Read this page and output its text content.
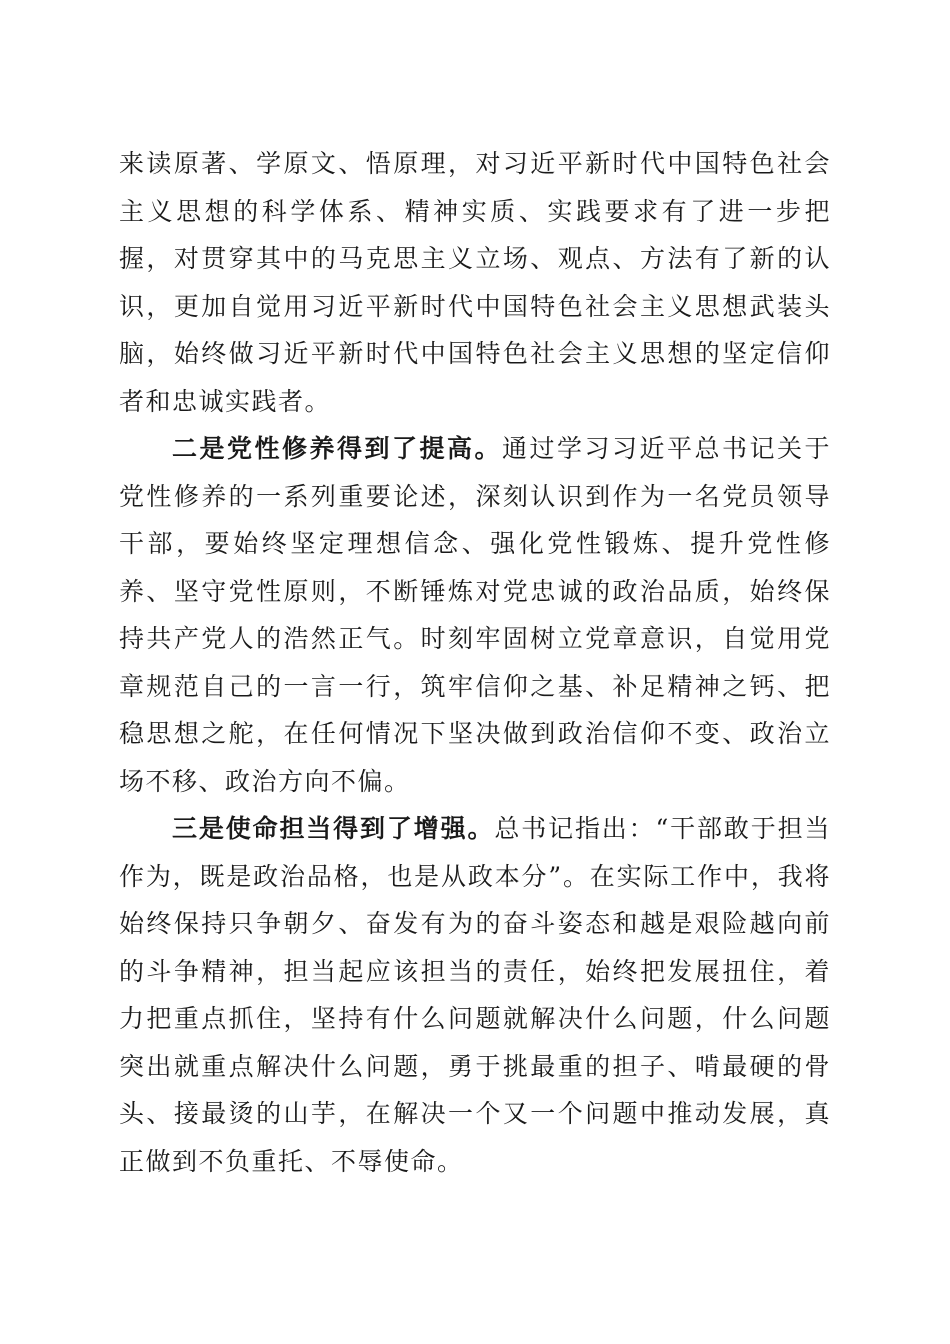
来读原著、学原文、悟原理，对习近平新时代中国特色社会主义思想的科学体系、精神实质、实践要求有了进一步把握，对贯穿其中的马克思主义立场、观点、方法有了新的认识，更加自觉用习近平新时代中国特色社会主义思想武装头脑，始终做习近平新时代中国特色社会主义思想的坚定信仰者和忠诚实践者。

二是党性修养得到了提高。通过学习习近平总书记关于党性修养的一系列重要论述，深刻认识到作为一名党员领导干部，要始终坚定理想信念、强化党性锻炼、提升党性修养、坚守党性原则，不断锤炼对党忠诚的政治品质，始终保持共产党人的浩然正气。时刻牢固树立党章意识，自觉用党章规范自己的一言一行，筑牢信仰之基、补足精神之钙、把稳思想之舵，在任何情况下坚决做到政治信仰不变、政治立场不移、政治方向不偏。

三是使命担当得到了增强。总书记指出：“干部敢于担当作为，既是政治品格，也是从政本分”。在实际工作中，我将始终保持只争朝夕、奋发有为的奋斗姿态和越是艰险越向前的斗争精神，担当起应该担当的责任，始终把发展扭住，着力把重点抓住，坚持有什么问题就解决什么问题，什么问题突出就重点解决什么问题，勇于挑最重的担子、啃最硬的骨头、接最烫的山芋，在解决一个又一个问题中推动发展，真正做到不负重托、不辱使命。
